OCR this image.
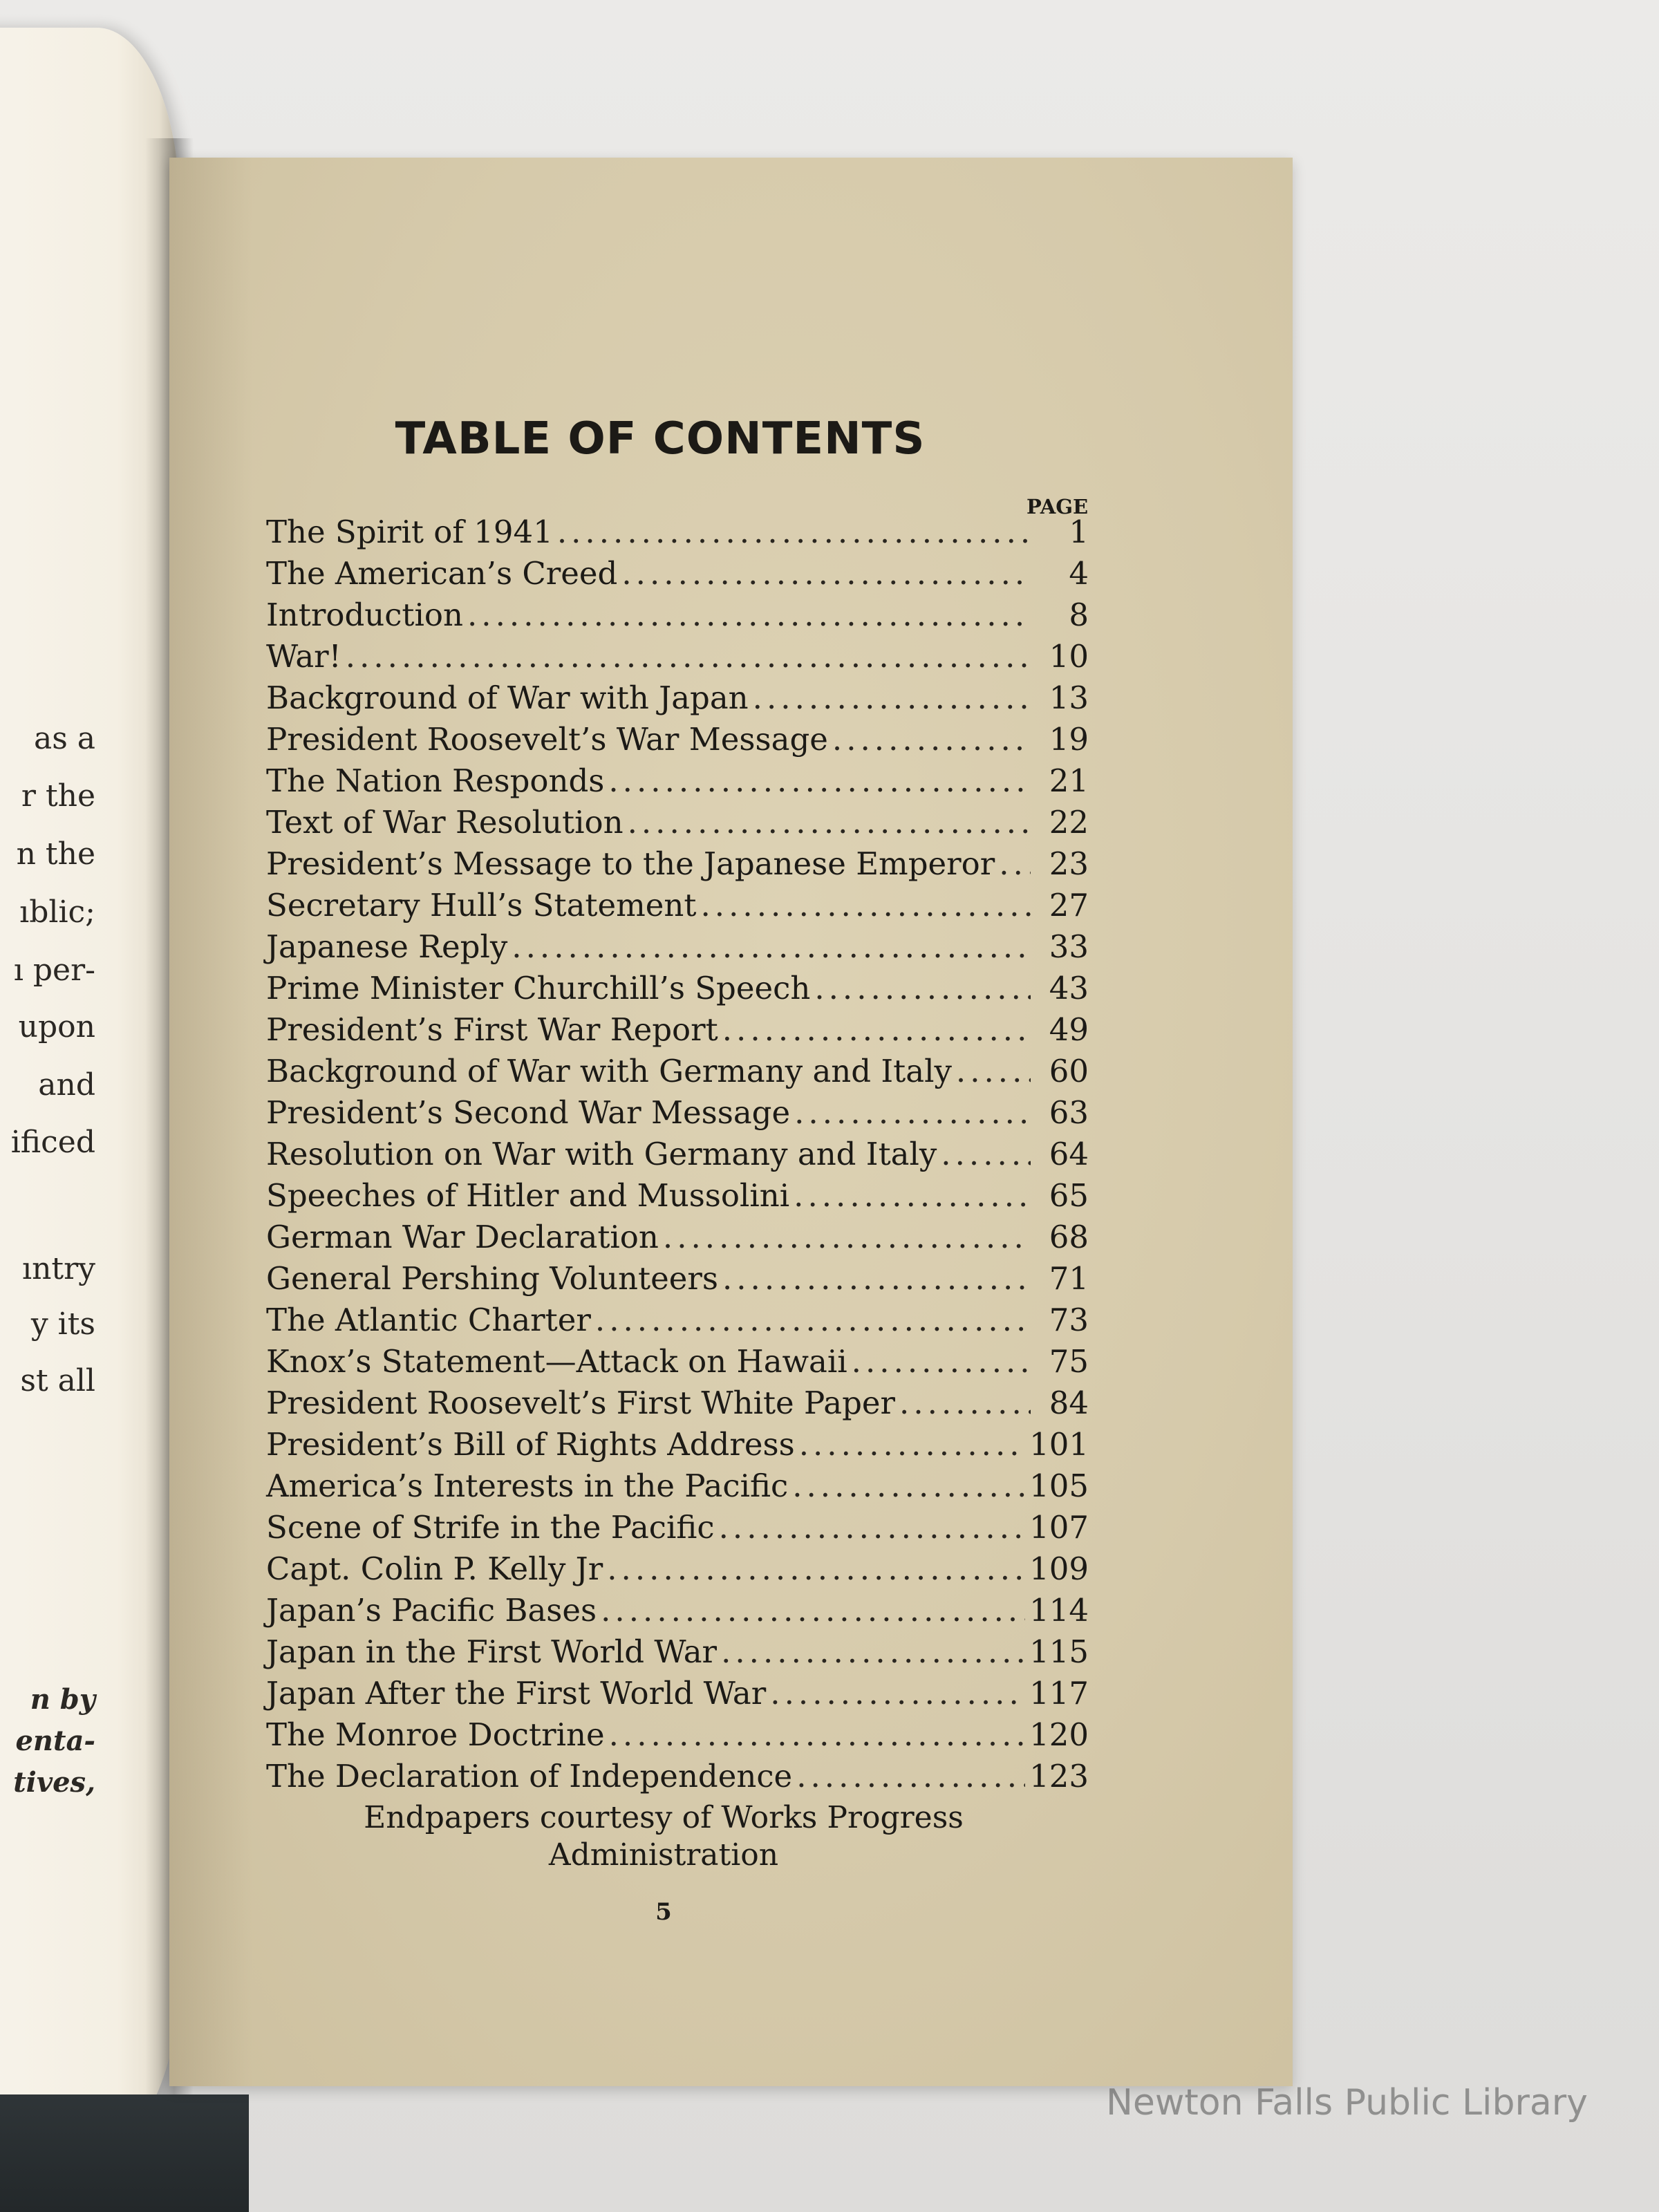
as a
r the
n the
ıblic;
ı per-
upon
and
ificed
ıntry
y its
st all
n by
enta-
tives,
TABLE OF CONTENTS
PAGE
The Spirit of 1941 .....	1
The American’s Creed .....	4
Introduction .....	8
War! .....	10
Background of War with Japan .....	13
President Roosevelt’s War Message .....	19
The Nation Responds .....	21
Text of War Resolution .....	22
President’s Message to the Japanese Emperor .....	23
Secretary Hull’s Statement .....	27
Japanese Reply .....	33
Prime Minister Churchill’s Speech .....	43
President’s First War Report .....	49
Background of War with Germany and Italy .....	60
President’s Second War Message .....	63
Resolution on War with Germany and Italy .....	64
Speeches of Hitler and Mussolini .....	65
German War Declaration .....	68
General Pershing Volunteers .....	71
The Atlantic Charter .....	73
Knox’s Statement—Attack on Hawaii .....	75
President Roosevelt’s First White Paper .....	84
President’s Bill of Rights Address .....	101
America’s Interests in the Pacific .....	105
Scene of Strife in the Pacific .....	107
Capt. Colin P. Kelly Jr .....	109
Japan’s Pacific Bases .....	114
Japan in the First World War .....	115
Japan After the First World War .....	117
The Monroe Doctrine .....	120
The Declaration of Independence .....	123
Endpapers courtesy of Works Progress
Administration
5
Newton Falls Public Library
